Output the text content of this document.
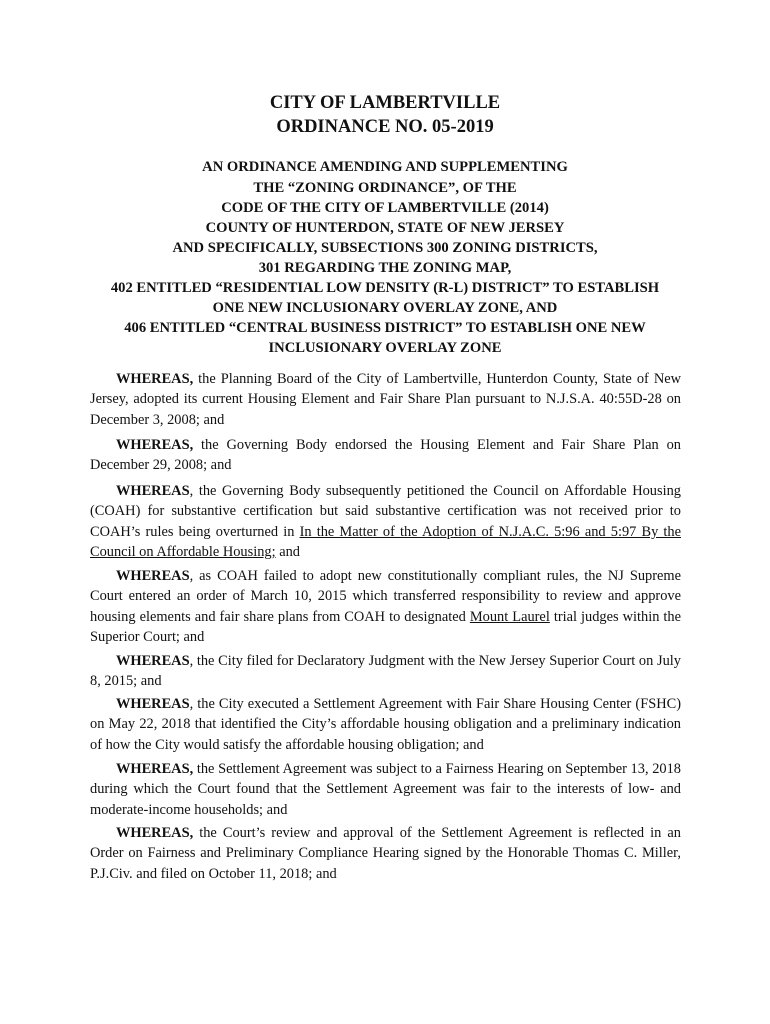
CITY OF LAMBERTVILLE
ORDINANCE NO. 05-2019
AN ORDINANCE AMENDING AND SUPPLEMENTING
THE “ZONING ORDINANCE”, OF THE
CODE OF THE CITY OF LAMBERTVILLE (2014)
COUNTY OF HUNTERDON, STATE OF NEW JERSEY
AND SPECIFICALLY, SUBSECTIONS 300 ZONING DISTRICTS,
301 REGARDING THE ZONING MAP,
402 ENTITLED “RESIDENTIAL LOW DENSITY (R-L) DISTRICT” TO ESTABLISH
ONE NEW INCLUSIONARY OVERLAY ZONE, AND
406 ENTITLED “CENTRAL BUSINESS DISTRICT” TO ESTABLISH ONE NEW
INCLUSIONARY OVERLAY ZONE
WHEREAS, the Planning Board of the City of Lambertville, Hunterdon County, State of New Jersey, adopted its current Housing Element and Fair Share Plan pursuant to N.J.S.A. 40:55D-28 on December 3, 2008; and
WHEREAS, the Governing Body endorsed the Housing Element and Fair Share Plan on December 29, 2008; and
WHEREAS, the Governing Body subsequently petitioned the Council on Affordable Housing (COAH) for substantive certification but said substantive certification was not received prior to COAH’s rules being overturned in In the Matter of the Adoption of N.J.A.C. 5:96 and 5:97 By the Council on Affordable Housing; and
WHEREAS, as COAH failed to adopt new constitutionally compliant rules, the NJ Supreme Court entered an order of March 10, 2015 which transferred responsibility to review and approve housing elements and fair share plans from COAH to designated Mount Laurel trial judges within the Superior Court; and
WHEREAS, the City filed for Declaratory Judgment with the New Jersey Superior Court on July 8, 2015; and
WHEREAS, the City executed a Settlement Agreement with Fair Share Housing Center (FSHC) on May 22, 2018 that identified the City’s affordable housing obligation and a preliminary indication of how the City would satisfy the affordable housing obligation; and
WHEREAS, the Settlement Agreement was subject to a Fairness Hearing on September 13, 2018 during which the Court found that the Settlement Agreement was fair to the interests of low- and moderate-income households; and
WHEREAS, the Court’s review and approval of the Settlement Agreement is reflected in an Order on Fairness and Preliminary Compliance Hearing signed by the Honorable Thomas C. Miller, P.J.Civ. and filed on October 11, 2018; and
